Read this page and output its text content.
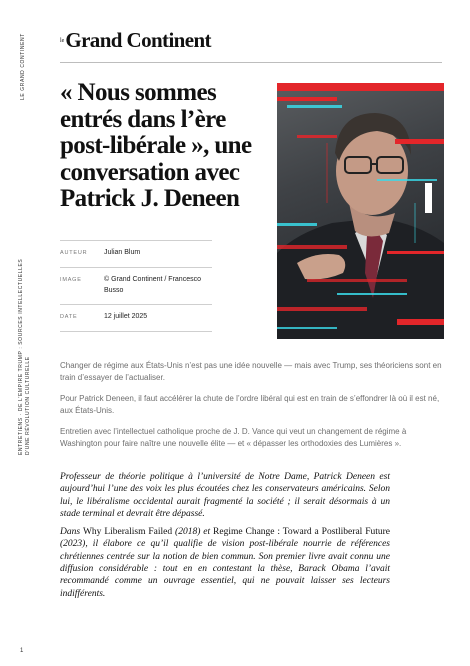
LE GRAND CONTINENT
ENTRETIENS · DE L'EMPIRE TRUMP : SOURCES INTELLECTUELLES D'UNE RÉVOLUTION CULTURELLE
le Grand Continent
« Nous sommes entrés dans l’ère post-libérale », une conversation avec Patrick J. Deneen
AUTEUR	Julian Blum
IMAGE	© Grand Continent / Francesco Busso
DATE	12 juillet 2025

Changer de régime aux États-Unis n’est pas une idée nouvelle — mais avec Trump, ses théoriciens sont en train d’essayer de l’actualiser.

Pour Patrick Deneen, il faut accélérer la chute de l’ordre libéral qui est en train de s’effondrer là où il est né, aux États-Unis.

Entretien avec l’intellectuel catholique proche de J. D. Vance qui veut un changement de régime à Washington pour faire naître une nouvelle élite — et « dépasser les orthodoxies des Lumières ».

Professeur de théorie politique à l’université de Notre Dame, Patrick Deneen est aujourd’hui l’une des voix les plus écoutées chez les conservateurs américains. Selon lui, le libéralisme occidental aurait fragmenté la société ; il serait désormais à un stade terminal et devrait être dépassé.

Dans Why Liberalism Failed (2018) et Regime Change : Toward a Postliberal Future (2023), il élabore ce qu’il qualifie de vision post-libérale nourrie de références chrétiennes centrée sur la notion de bien commun. Son premier livre avait connu une diffusion considérable : tout en en contestant la thèse, Barack Obama l’avait recommandé comme un ouvrage essentiel, qui ne pouvait laisser ses lecteurs indifférents.

1
